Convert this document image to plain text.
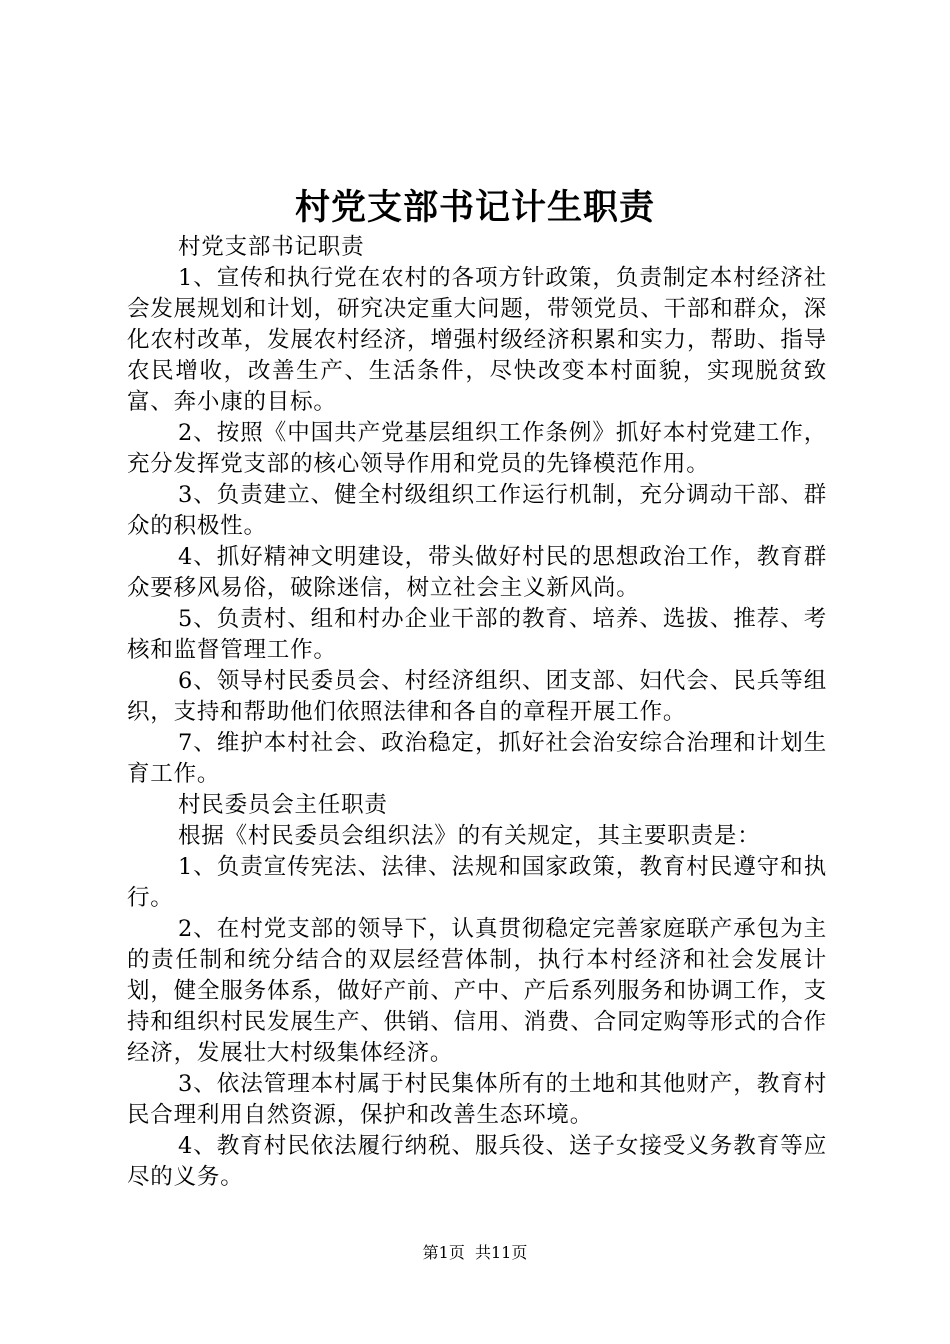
村党支部书记计生职责

村党支部书记职责

1、宣传和执行党在农村的各项方针政策，负责制定本村经济社会发展规划和计划，研究决定重大问题，带领党员、干部和群众，深化农村改革，发展农村经济，增强村级经济积累和实力，帮助、指导农民增收，改善生产、生活条件，尽快改变本村面貌，实现脱贫致富、奔小康的目标。

2、按照《中国共产党基层组织工作条例》抓好本村党建工作，充分发挥党支部的核心领导作用和党员的先锋模范作用。

3、负责建立、健全村级组织工作运行机制，充分调动干部、群众的积极性。

4、抓好精神文明建设，带头做好村民的思想政治工作，教育群众要移风易俗，破除迷信，树立社会主义新风尚。

5、负责村、组和村办企业干部的教育、培养、选拔、推荐、考核和监督管理工作。

6、领导村民委员会、村经济组织、团支部、妇代会、民兵等组织，支持和帮助他们依照法律和各自的章程开展工作。

7、维护本村社会、政治稳定，抓好社会治安综合治理和计划生育工作。

村民委员会主任职责

根据《村民委员会组织法》的有关规定，其主要职责是：

1、负责宣传宪法、法律、法规和国家政策，教育村民遵守和执行。

2、在村党支部的领导下，认真贯彻稳定完善家庭联产承包为主的责任制和统分结合的双层经营体制，执行本村经济和社会发展计划，健全服务体系，做好产前、产中、产后系列服务和协调工作，支持和组织村民发展生产、供销、信用、消费、合同定购等形式的合作经济，发展壮大村级集体经济。

3、依法管理本村属于村民集体所有的土地和其他财产，教育村民合理利用自然资源，保护和改善生态环境。

4、教育村民依法履行纳税、服兵役、送子女接受义务教育等应尽的义务。

第1页  共11页
